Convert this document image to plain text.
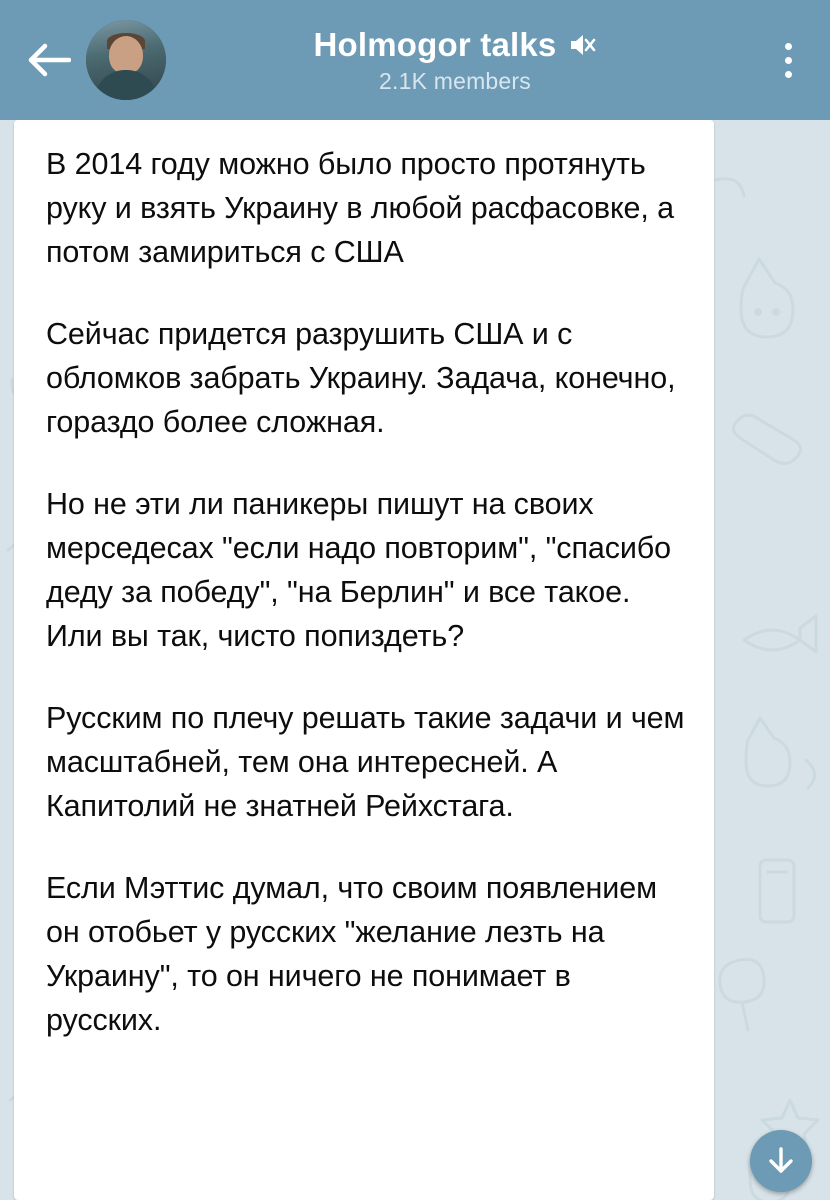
В 2014 году можно было просто протянуть руку и взять Украину в любой расфасовке, а потом замириться с США

Сейчас придется разрушить США и с обломков забрать Украину. Задача, конечно, гораздо более сложная.

Но не эти ли паникеры пишут на своих мерседесах "если надо повторим", "спасибо деду за победу", "на Берлин" и все такое. Или вы так, чисто попиздеть?

Русским по плечу решать такие задачи и чем масштабней, тем она интересней. А Капитолий не знатней Рейхстага.

Если Мэттис думал, что своим появлением он отобьет у русских "желание лезть на Украину", то он ничего не понимает в русских.

Holmogor talks
2.1K members
